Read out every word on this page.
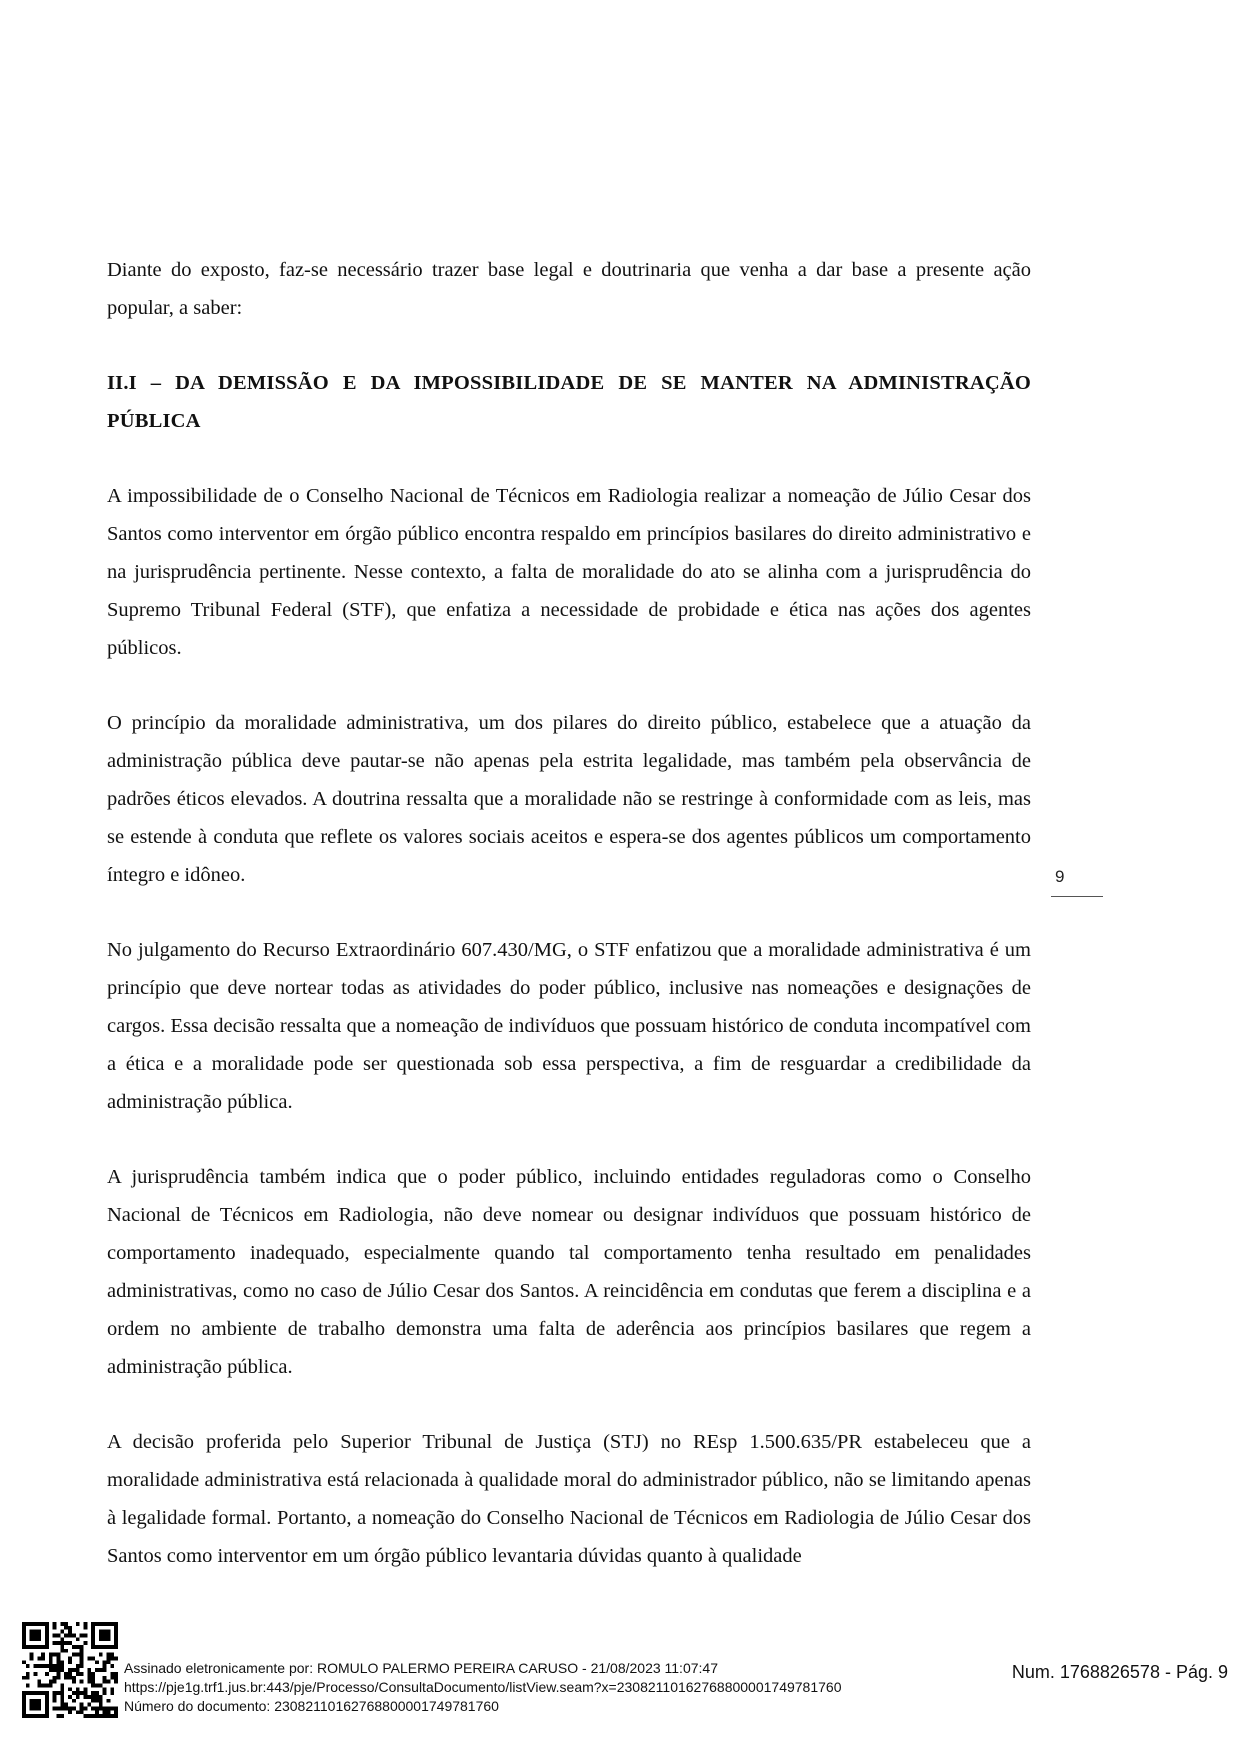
Diante do exposto, faz-se necessário trazer base legal e doutrinaria que venha a dar base a presente ação popular, a saber:

II.I – DA DEMISSÃO E DA IMPOSSIBILIDADE DE SE MANTER NA ADMINISTRAÇÃO PÚBLICA

A impossibilidade de o Conselho Nacional de Técnicos em Radiologia realizar a nomeação de Júlio Cesar dos Santos como interventor em órgão público encontra respaldo em princípios basilares do direito administrativo e na jurisprudência pertinente. Nesse contexto, a falta de moralidade do ato se alinha com a jurisprudência do Supremo Tribunal Federal (STF), que enfatiza a necessidade de probidade e ética nas ações dos agentes públicos.

O princípio da moralidade administrativa, um dos pilares do direito público, estabelece que a atuação da administração pública deve pautar-se não apenas pela estrita legalidade, mas também pela observância de padrões éticos elevados. A doutrina ressalta que a moralidade não se restringe à conformidade com as leis, mas se estende à conduta que reflete os valores sociais aceitos e espera-se dos agentes públicos um comportamento íntegro e idôneo.

No julgamento do Recurso Extraordinário 607.430/MG, o STF enfatizou que a moralidade administrativa é um princípio que deve nortear todas as atividades do poder público, inclusive nas nomeações e designações de cargos. Essa decisão ressalta que a nomeação de indivíduos que possuam histórico de conduta incompatível com a ética e a moralidade pode ser questionada sob essa perspectiva, a fim de resguardar a credibilidade da administração pública.

A jurisprudência também indica que o poder público, incluindo entidades reguladoras como o Conselho Nacional de Técnicos em Radiologia, não deve nomear ou designar indivíduos que possuam histórico de comportamento inadequado, especialmente quando tal comportamento tenha resultado em penalidades administrativas, como no caso de Júlio Cesar dos Santos. A reincidência em condutas que ferem a disciplina e a ordem no ambiente de trabalho demonstra uma falta de aderência aos princípios basilares que regem a administração pública.

A decisão proferida pelo Superior Tribunal de Justiça (STJ) no REsp 1.500.635/PR estabeleceu que a moralidade administrativa está relacionada à qualidade moral do administrador público, não se limitando apenas à legalidade formal. Portanto, a nomeação do Conselho Nacional de Técnicos em Radiologia de Júlio Cesar dos Santos como interventor em um órgão público levantaria dúvidas quanto à qualidade

9
Assinado eletronicamente por: ROMULO PALERMO PEREIRA CARUSO - 21/08/2023 11:07:47
https://pje1g.trf1.jus.br:443/pje/Processo/ConsultaDocumento/listView.seam?x=23082110162768800001749781760
Número do documento: 23082110162768800001749781760
Num. 1768826578 - Pág. 9
